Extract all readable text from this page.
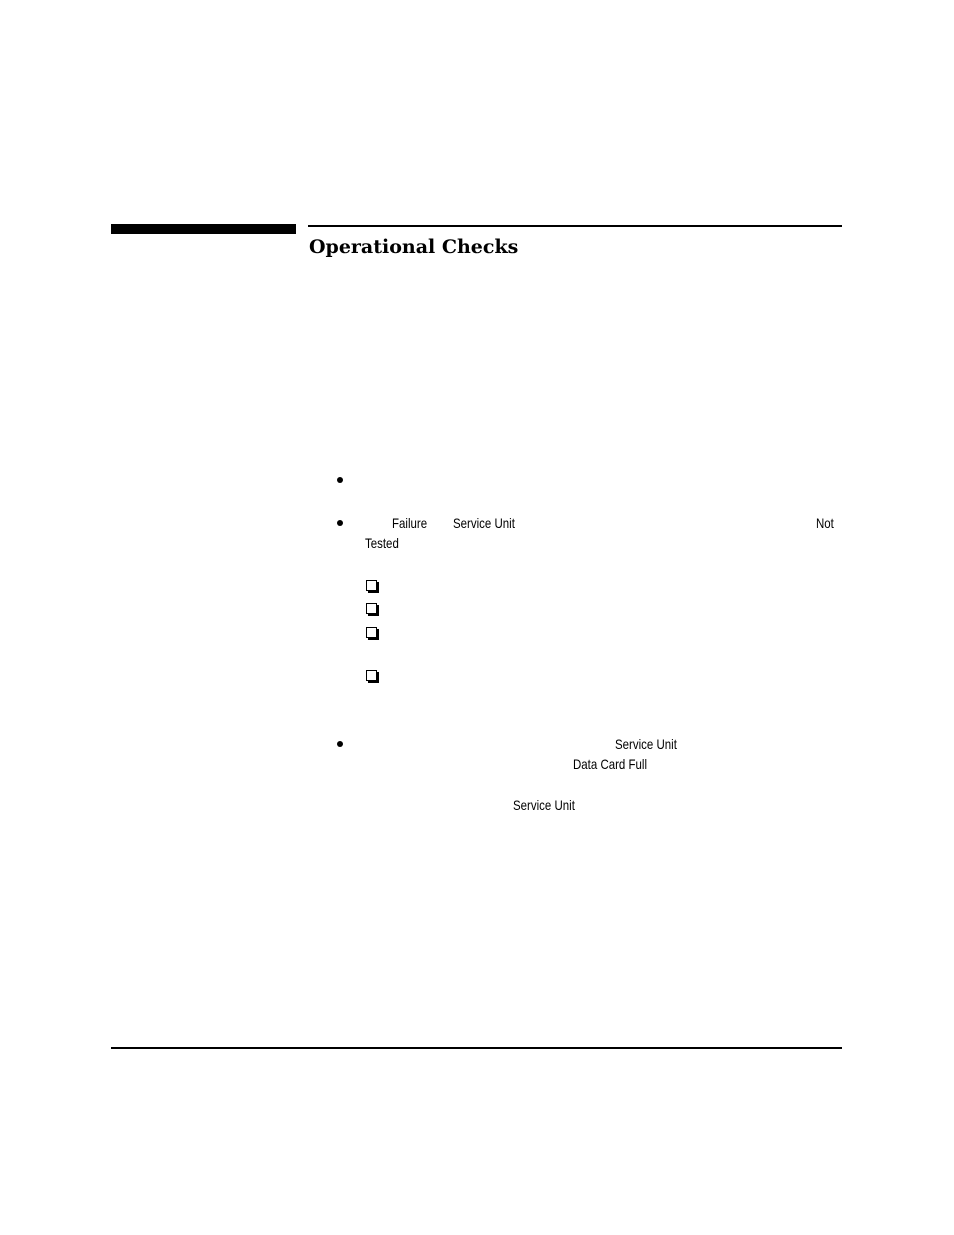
Operational Checks
Failure Service Unit	Not
Tested
Service Unit
Data Card Full
Service Unit
